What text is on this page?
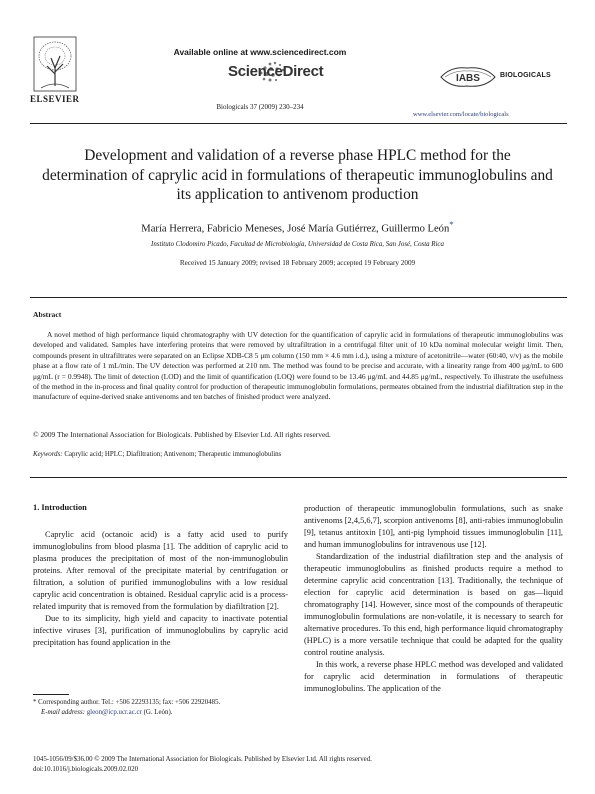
ELSEVIER
Available online at www.sciencedirect.com
ScienceDirect
Biologicals 37 (2009) 230–234
IABS	BIOLOGICALS
www.elsevier.com/locate/biologicals
Development and validation of a reverse phase HPLC method for the determination of caprylic acid in formulations of therapeutic immunoglobulins and its application to antivenom production
María Herrera, Fabricio Meneses, José María Gutiérrez, Guillermo León*
Instituto Clodomiro Picado, Facultad de Microbiología, Universidad de Costa Rica, San José, Costa Rica
Received 15 January 2009; revised 18 February 2009; accepted 19 February 2009
Abstract

A novel method of high performance liquid chromatography with UV detection for the quantification of caprylic acid in formulations of therapeutic immunoglobulins was developed and validated. Samples have interfering proteins that were removed by ultrafiltration in a centrifugal filter unit of 10 kDa nominal molecular weight limit. Then, compounds present in ultrafiltrates were separated on an Eclipse XDB-C8 5 μm column (150 mm × 4.6 mm i.d.), using a mixture of acetonitrile—water (60:40, v/v) as the mobile phase at a flow rate of 1 mL/min. The UV detection was performed at 210 nm. The method was found to be precise and accurate, with a linearity range from 400 μg/mL to 600 μg/mL (r = 0.9948). The limit of detection (LOD) and the limit of quantification (LOQ) were found to be 13.46 μg/mL and 44.85 μg/mL, respectively. To illustrate the usefulness of the method in the in-process and final quality control for production of therapeutic immunoglobulin formulations, permeates obtained from the industrial diafiltration step in the manufacture of equine-derived snake antivenoms and ten batches of finished product were analyzed.

© 2009 The International Association for Biologicals. Published by Elsevier Ltd. All rights reserved.
Keywords: Caprylic acid; HPLC; Diafiltration; Antivenom; Therapeutic immunoglobulins
1. Introduction

Caprylic acid (octanoic acid) is a fatty acid used to purify immunoglobulins from blood plasma [1]. The addition of caprylic acid to plasma produces the precipitation of most of the non-immunoglobulin proteins. After removal of the precipitate material by centrifugation or filtration, a solution of purified immunoglobulins with a low residual caprylic acid concentration is obtained. Residual caprylic acid is a process-related impurity that is removed from the formulation by diafiltration [2].

Due to its simplicity, high yield and capacity to inactivate potential infective viruses [3], purification of immunoglobulins by caprylic acid precipitation has found application in the

production of therapeutic immunoglobulin formulations, such as snake antivenoms [2,4,5,6,7], scorpion antivenoms [8], anti-rabies immunoglobulin [9], tetanus antitoxin [10], anti-pig lymphoid tissues immunoglobulin [11], and human immunoglobulins for intravenous use [12].

Standardization of the industrial diafiltration step and the analysis of therapeutic immunoglobulins as finished products require a method to determine caprylic acid concentration [13]. Traditionally, the technique of election for caprylic acid determination is based on gas—liquid chromatography [14]. However, since most of the compounds of therapeutic immunoglobulin formulations are non-volatile, it is necessary to search for alternative procedures. To this end, high performance liquid chromatography (HPLC) is a more versatile technique that could be adapted for the quality control routine analysis.

In this work, a reverse phase HPLC method was developed and validated for caprylic acid determination in formulations of therapeutic immunoglobulins. The application of the

* Corresponding author. Tel.: +506 22293135; fax: +506 22920485.
E-mail address: gleon@icp.ucr.ac.cr (G. León).
1045-1056/09/$36.00 © 2009 The International Association for Biologicals. Published by Elsevier Ltd. All rights reserved.
doi:10.1016/j.biologicals.2009.02.020
